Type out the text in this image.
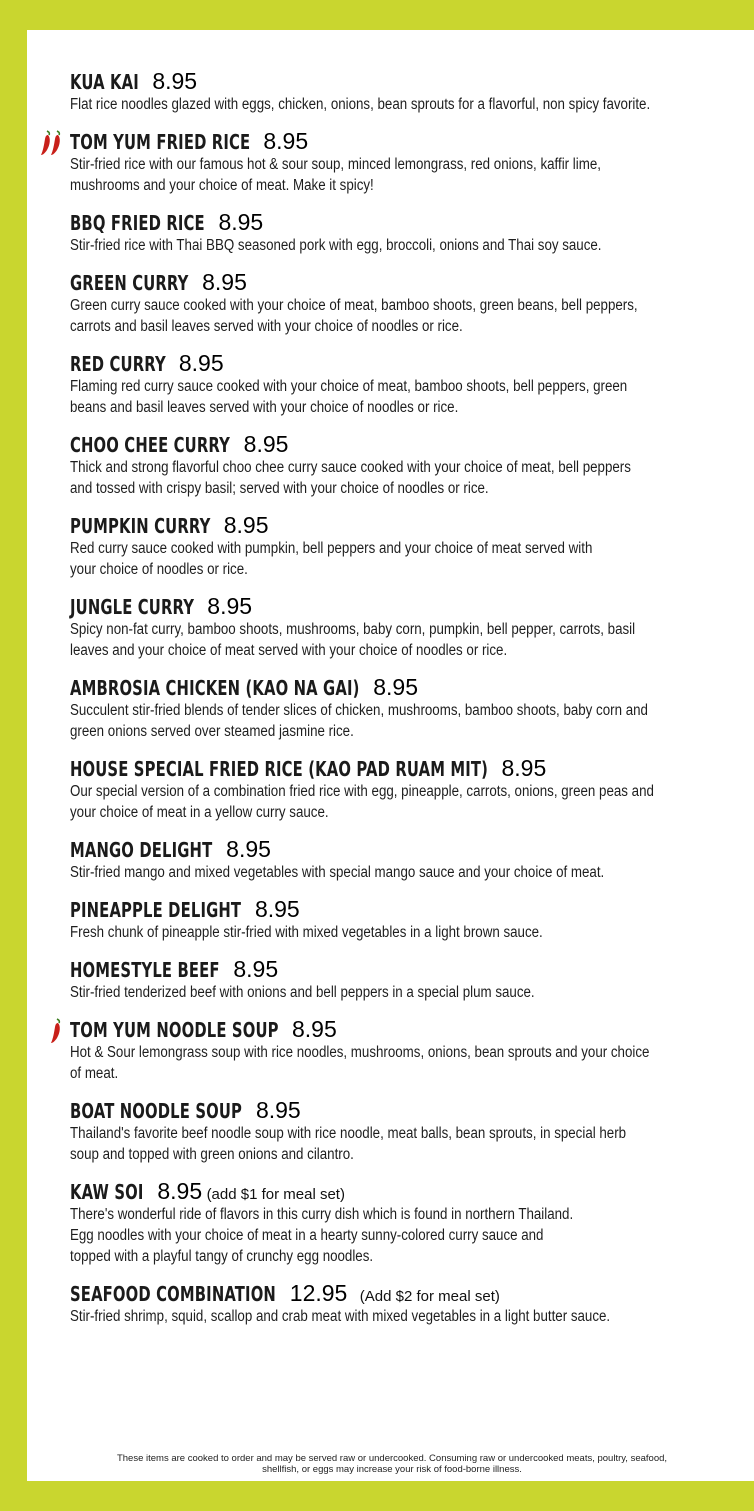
KUA KAI 8.95
Flat rice noodles glazed with eggs, chicken, onions, bean sprouts for a flavorful, non spicy favorite.
TOM YUM FRIED RICE 8.95
Stir-fried rice with our famous hot & sour soup, minced lemongrass, red onions, kaffir lime,
mushrooms and your choice of meat. Make it spicy!
BBQ FRIED RICE 8.95
Stir-fried rice with Thai BBQ seasoned pork with egg, broccoli, onions and Thai soy sauce.
GREEN CURRY 8.95
Green curry sauce cooked with your choice of meat, bamboo shoots, green beans, bell peppers,
carrots and basil leaves served with your choice of noodles or rice.
RED CURRY 8.95
Flaming red curry sauce cooked with your choice of meat, bamboo shoots, bell peppers, green
beans and basil leaves served with your choice of noodles or rice.
CHOO CHEE CURRY 8.95
Thick and strong flavorful choo chee curry sauce cooked with your choice of meat, bell peppers
and tossed with crispy basil; served with your choice of noodles or rice.
PUMPKIN CURRY 8.95
Red curry sauce cooked with pumpkin, bell peppers and your choice of meat served with
your choice of noodles or rice.
JUNGLE CURRY 8.95
Spicy non-fat curry, bamboo shoots, mushrooms, baby corn, pumpkin, bell pepper, carrots, basil
leaves and your choice of meat served with your choice of noodles or rice.
AMBROSIA CHICKEN (KAO NA GAI) 8.95
Succulent stir-fried blends of tender slices of chicken, mushrooms, bamboo shoots, baby corn and
green onions served over steamed jasmine rice.
HOUSE SPECIAL FRIED RICE (KAO PAD RUAM MIT) 8.95
Our special version of a combination fried rice with egg, pineapple, carrots, onions, green peas and
your choice of meat in a yellow curry sauce.
MANGO DELIGHT 8.95
Stir-fried mango and mixed vegetables with special mango sauce and your choice of meat.
PINEAPPLE DELIGHT 8.95
Fresh chunk of pineapple stir-fried with mixed vegetables in a light brown sauce.
HOMESTYLE BEEF 8.95
Stir-fried tenderized beef with onions and bell peppers in a special plum sauce.
TOM YUM NOODLE SOUP 8.95
Hot & Sour lemongrass soup with rice noodles, mushrooms, onions, bean sprouts and your choice
of meat.
BOAT NOODLE SOUP 8.95
Thailand's favorite beef noodle soup with rice noodle, meat balls, bean sprouts, in special herb
soup and topped with green onions and cilantro.
KAW SOI 8.95 (add $1 for meal set)
There's wonderful ride of flavors in this curry dish which is found in northern Thailand.
Egg noodles with your choice of meat in a hearty sunny-colored curry sauce and
topped with a playful tangy of crunchy egg noodles.
SEAFOOD COMBINATION 12.95 (Add $2 for meal set)
Stir-fried shrimp, squid, scallop and crab meat with mixed vegetables in a light butter sauce.
These items are cooked to order and may be served raw or undercooked. Consuming raw or undercooked meats, poultry, seafood,
shellfish, or eggs may increase your risk of food-borne illness.
